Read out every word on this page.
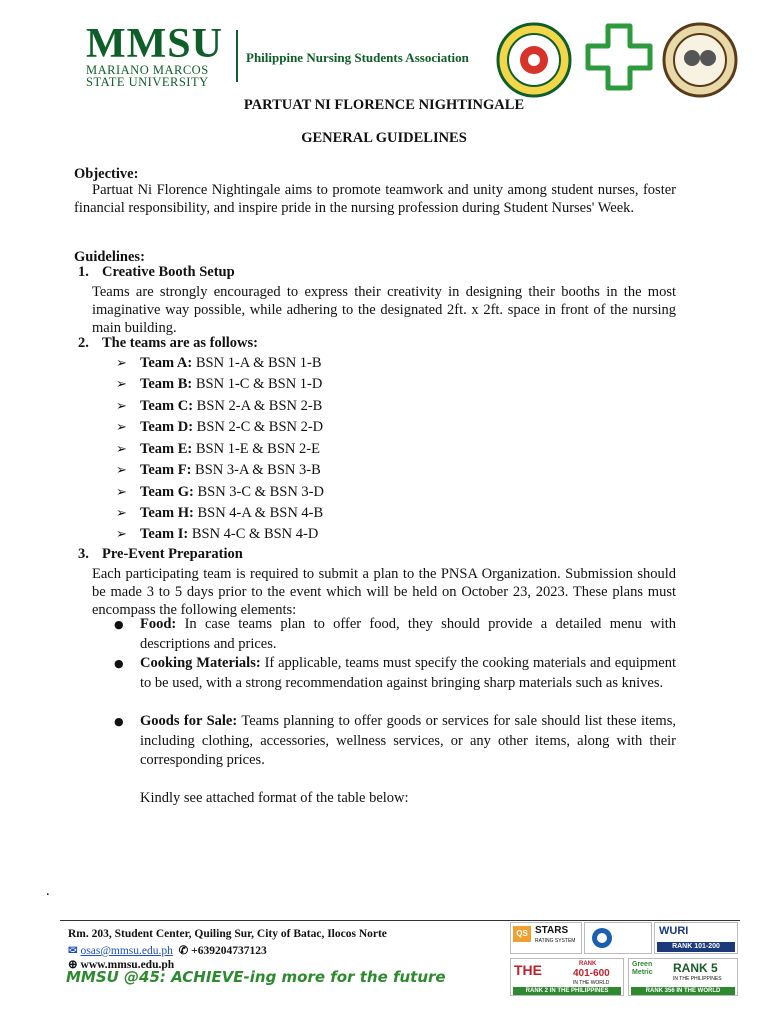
MMSU
MARIANO MARCOS
STATE UNIVERSITY
Philippine Nursing Students Association
PARTUAT NI FLORENCE NIGHTINGALE
GENERAL GUIDELINES
Objective:
Partuat Ni Florence Nightingale aims to promote teamwork and unity among student nurses, foster financial responsibility, and inspire pride in the nursing profession during Student Nurses' Week.
Guidelines:
1. Creative Booth Setup
Teams are strongly encouraged to express their creativity in designing their booths in the most imaginative way possible, while adhering to the designated 2ft. x 2ft. space in front of the nursing main building.
2. The teams are as follows:
➢ Team A: BSN 1-A & BSN 1-B
➢ Team B: BSN 1-C & BSN 1-D
➢ Team C: BSN 2-A & BSN 2-B
➢ Team D: BSN 2-C & BSN 2-D
➢ Team E: BSN 1-E & BSN 2-E
➢ Team F: BSN 3-A & BSN 3-B
➢ Team G: BSN 3-C & BSN 3-D
➢ Team H: BSN 4-A & BSN 4-B
➢ Team I: BSN 4-C & BSN 4-D
3. Pre-Event Preparation
Each participating team is required to submit a plan to the PNSA Organization. Submission should be made 3 to 5 days prior to the event which will be held on October 23, 2023. These plans must encompass the following elements:
● Food: In case teams plan to offer food, they should provide a detailed menu with descriptions and prices.
● Cooking Materials: If applicable, teams must specify the cooking materials and equipment to be used, with a strong recommendation against bringing sharp materials such as knives.
● Goods for Sale: Teams planning to offer goods or services for sale should list these items, including clothing, accessories, wellness services, or any other items, along with their corresponding prices.
Kindly see attached format of the table below:
.
Rm. 203, Student Center, Quiling Sur, City of Batac, Ilocos Norte
✉ osas@mmsu.edu.ph ✆ +639204737123
⊕ www.mmsu.edu.ph
MMSU @45: ACHIEVE-ing more for the future
QS STARS
RATING SYSTEM
WURI
RANK 101-200
THE	RANK
401-600
IN THE WORLD
RANK 2 IN THE PHILIPPINES
Green Metric	RANK 5
IN THE PHILIPPINES
RANK 356 IN THE WORLD
